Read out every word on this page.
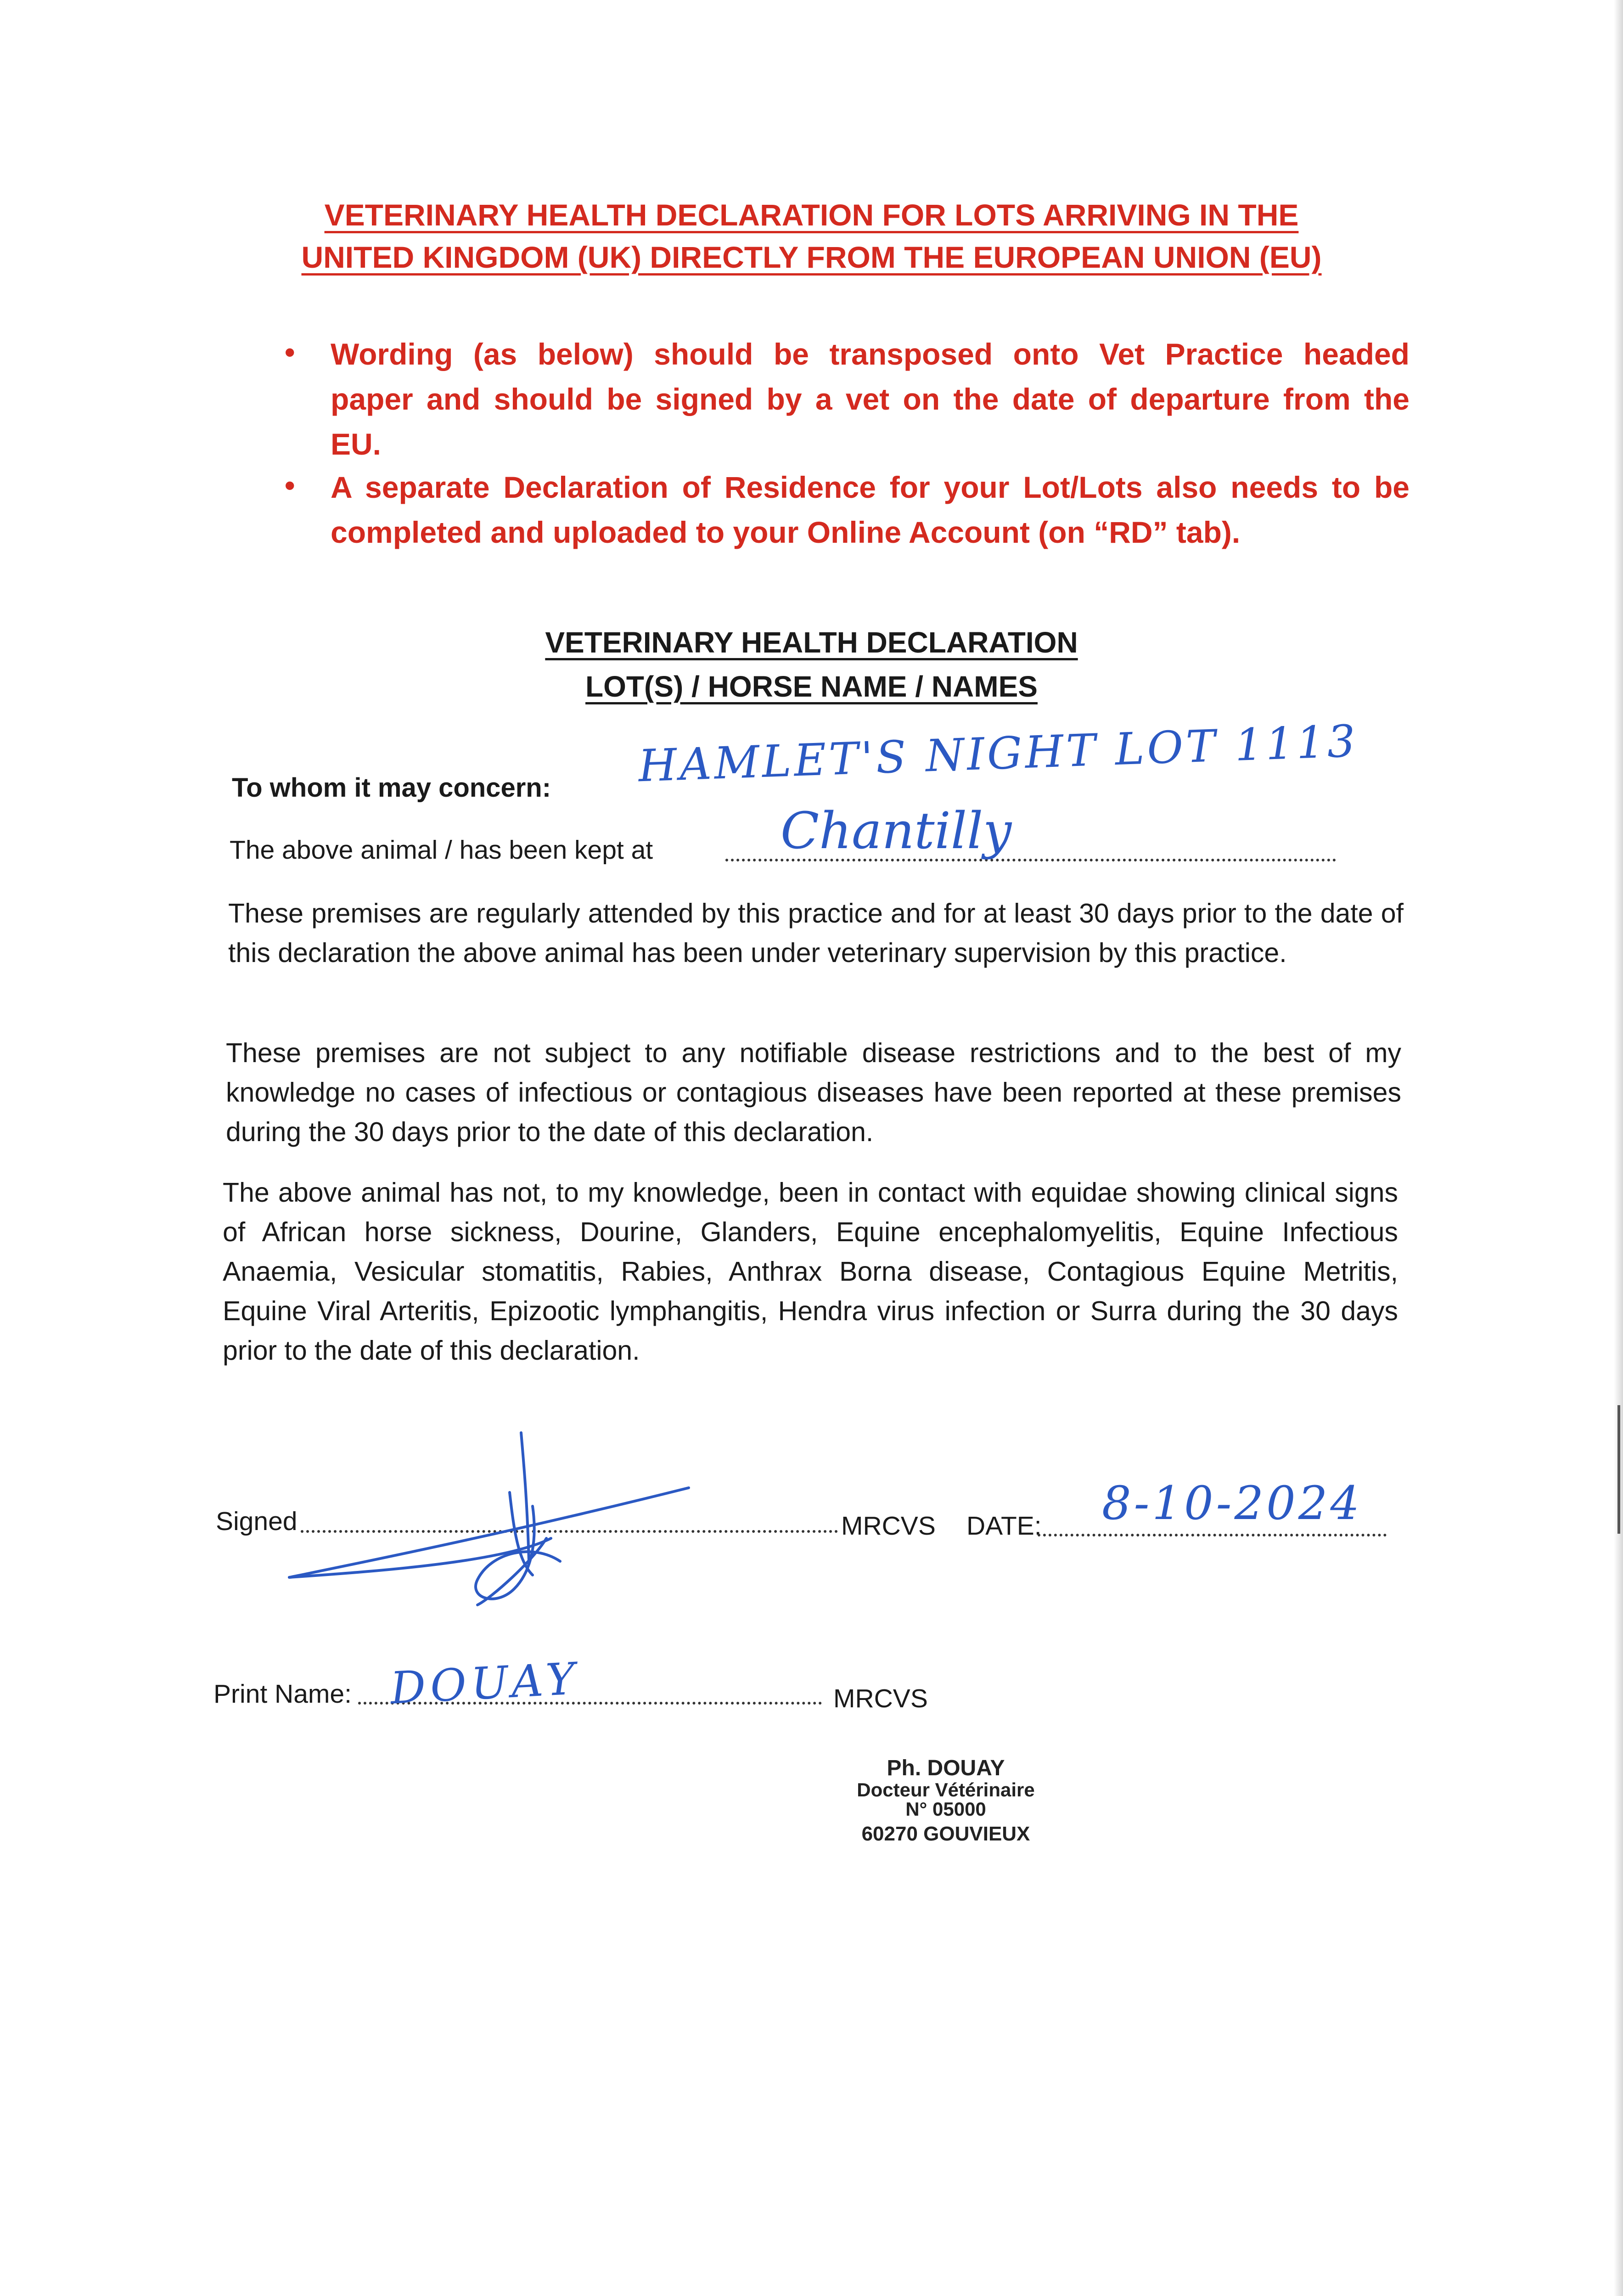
VETERINARY HEALTH DECLARATION FOR LOTS ARRIVING IN THE
UNITED KINGDOM (UK) DIRECTLY FROM THE EUROPEAN UNION (EU)
• Wording (as below) should be transposed onto Vet Practice headed
paper and should be signed by a vet on the date of departure from the
EU.
• A separate Declaration of Residence for your Lot/Lots also needs to be
completed and uploaded to your Online Account (on “RD” tab).
VETERINARY HEALTH DECLARATION
LOT(S) / HORSE NAME / NAMES
To whom it may concern: HAMLET'S NIGHT LOT 1113
The above animal / has been kept at	Chantilly
These premises are regularly attended by this practice and for at least 30 days prior to the date of this declaration the above animal has been under veterinary supervision by this practice.
These premises are not subject to any notifiable disease restrictions and to the best of my knowledge no cases of infectious or contagious diseases have been reported at these premises during the 30 days prior to the date of this declaration.
The above animal has not, to my knowledge, been in contact with equidae showing clinical signs of African horse sickness, Dourine, Glanders, Equine encephalomyelitis, Equine Infectious Anaemia, Vesicular stomatitis, Rabies, Anthrax Borna disease, Contagious Equine Metritis, Equine Viral Arteritis, Epizootic lymphangitis, Hendra virus infection or Surra during the 30 days prior to the date of this declaration.
Signed	MRCVS DATE: 8-10-2024
Print Name: DOUAY	MRCVS
Ph. DOUAY
Docteur Vétérinaire
N° 05000
60270 GOUVIEUX
